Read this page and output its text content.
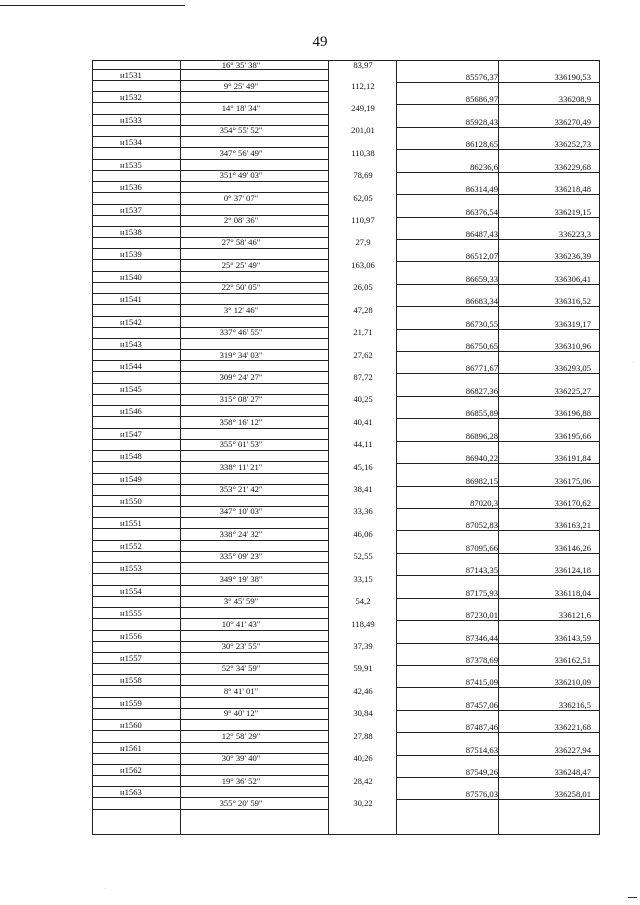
49
16° 35' 38"	83,97
н1531	85576,37	336190,53
9° 25' 49"	112,12
н1532	85686,97	336208,9
14° 18' 34"	249,19
н1533	85928,43	336270,49
354° 55' 52"	201,01
н1534	86128,65	336252,73
347° 56' 49"	110,38
н1535	86236,6	336229,68
351° 49' 03"	78,69
н1536	86314,49	336218,48
0° 37' 07"	62,05
н1537	86376,54	336219,15
2° 08' 36"	110,97
н1538	86487,43	336223,3
27° 58' 46"	27,9
н1539	86512,07	336236,39
25° 25' 49"	163,06
н1540	86659,33	336306,41
22° 50' 05"	26,05
н1541	86683,34	336316,52
3° 12' 46"	47,28
н1542	86730,55	336319,17
337° 46' 55"	21,71
н1543	86750,65	336310,96
319° 34' 03"	27,62
н1544	86771,67	336293,05
309° 24' 27"	87,72
н1545	86827,36	336225,27
315° 08' 27"	40,25
н1546	86855,89	336196,88
358° 16' 12"	40,41
н1547	86896,28	336195,66
355° 01' 53"	44,11
н1548	86940,22	336191,84
338° 11' 21"	45,16
н1549	86982,15	336175,06
353° 21' 42"	38,41
н1550	87020,3	336170,62
347° 10' 03"	33,36
н1551	87052,83	336163,21
338° 24' 32"	46,06
н1552	87095,66	336146,26
335° 09' 23"	52,55
н1553	87143,35	336124,18
349° 19' 38"	33,15
н1554	87175,93	336118,04
3° 45' 59"	54,2
н1555	87230,01	336121,6
10° 41' 43"	118,49
н1556	87346,44	336143,59
30° 23' 55"	37,39
н1557	87378,69	336162,51
52° 34' 59"	59,91
н1558	87415,09	336210,09
8° 41' 01"	42,46
н1559	87457,06	336216,5
9° 40' 12"	30,84
н1560	87487,46	336221,68
12° 58' 29"	27,88
н1561	87514,63	336227,94
30° 39' 40"	40,26
н1562	87549,26	336248,47
19° 36' 52"	28,42
н1563	87576,03	336258,01
355° 20' 59"	30,22
·
·
